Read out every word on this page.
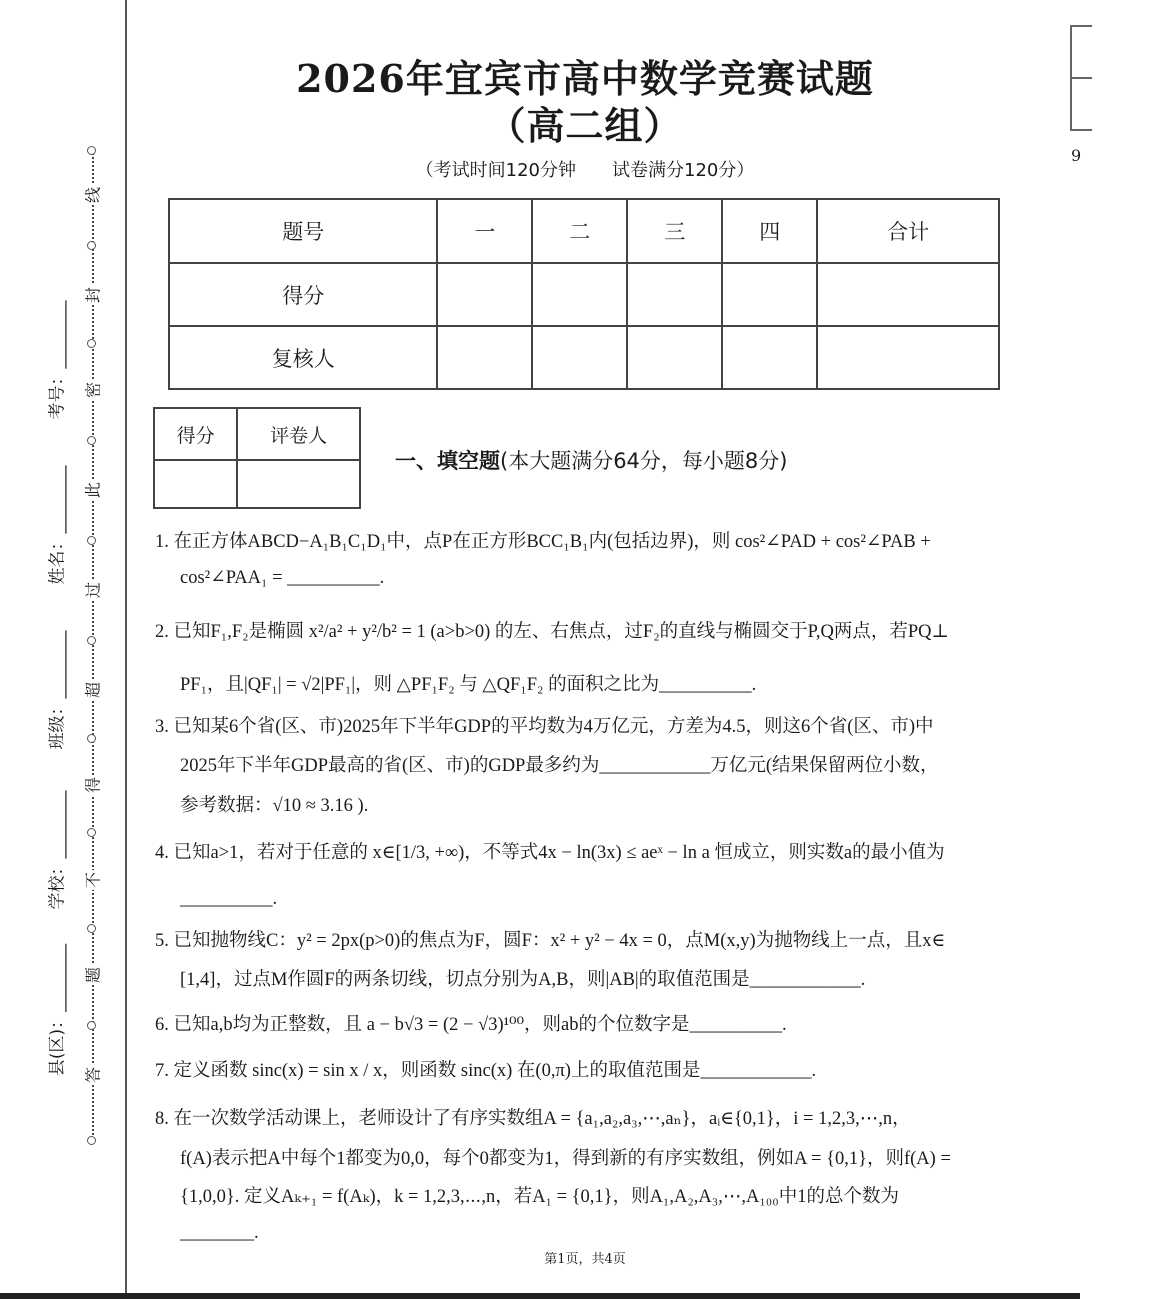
县(区)：________
学校：________
班级：________
姓名：________
考号：________
答
题
不
得
超
过
此
密
封
线
9
2026年宜宾市高中数学竞赛试题
（高二组）
（考试时间120分钟　　试卷满分120分）
题号	一	二	三	四	合计
得分					
复核人					
得分	评卷人

一、填空题(本大题满分64分，每小题8分)
1. 在正方体ABCD−A₁B₁C₁D₁中，点P在正方形BCC₁B₁内(包括边界)，则 cos²∠PAD + cos²∠PAB +
cos²∠PAA₁ = __________.
2. 已知F₁,F₂是椭圆 x²/a² + y²/b² = 1 (a>b>0) 的左、右焦点，过F₂的直线与椭圆交于P,Q两点，若PQ⊥
PF₁，且|QF₁| = √2|PF₁|，则 △PF₁F₂ 与 △QF₁F₂ 的面积之比为__________.
3. 已知某6个省(区、市)2025年下半年GDP的平均数为4万亿元，方差为4.5，则这6个省(区、市)中
2025年下半年GDP最高的省(区、市)的GDP最多约为____________万亿元(结果保留两位小数，
参考数据：√10 ≈ 3.16 ).
4. 已知a>1，若对于任意的 x∈[1/3, +∞)，不等式4x − ln(3x) ≤ aeˣ − ln a 恒成立，则实数a的最小值为
__________.
5. 已知抛物线C：y² = 2px(p>0)的焦点为F，圆F：x² + y² − 4x = 0，点M(x,y)为抛物线上一点，且x∈
[1,4]，过点M作圆F的两条切线，切点分别为A,B，则|AB|的取值范围是____________.
6. 已知a,b均为正整数，且 a − b√3 = (2 − √3)¹⁰⁰，则ab的个位数字是__________.
7. 定义函数 sinc(x) = sin x / x，则函数 sinc(x) 在(0,π)上的取值范围是____________.
8. 在一次数学活动课上，老师设计了有序实数组A = {a₁,a₂,a₃,⋯,aₙ}，aᵢ∈{0,1}，i = 1,2,3,⋯,n，
f(A)表示把A中每个1都变为0,0，每个0都变为1，得到新的有序实数组，例如A = {0,1}，则f(A) =
{1,0,0}. 定义Aₖ₊₁ = f(Aₖ)，k = 1,2,3,⋯,n，若A₁ = {0,1}，则A₁,A₂,A₃,⋯,A₁₀₀中1的总个数为
________.
第1页，共4页
